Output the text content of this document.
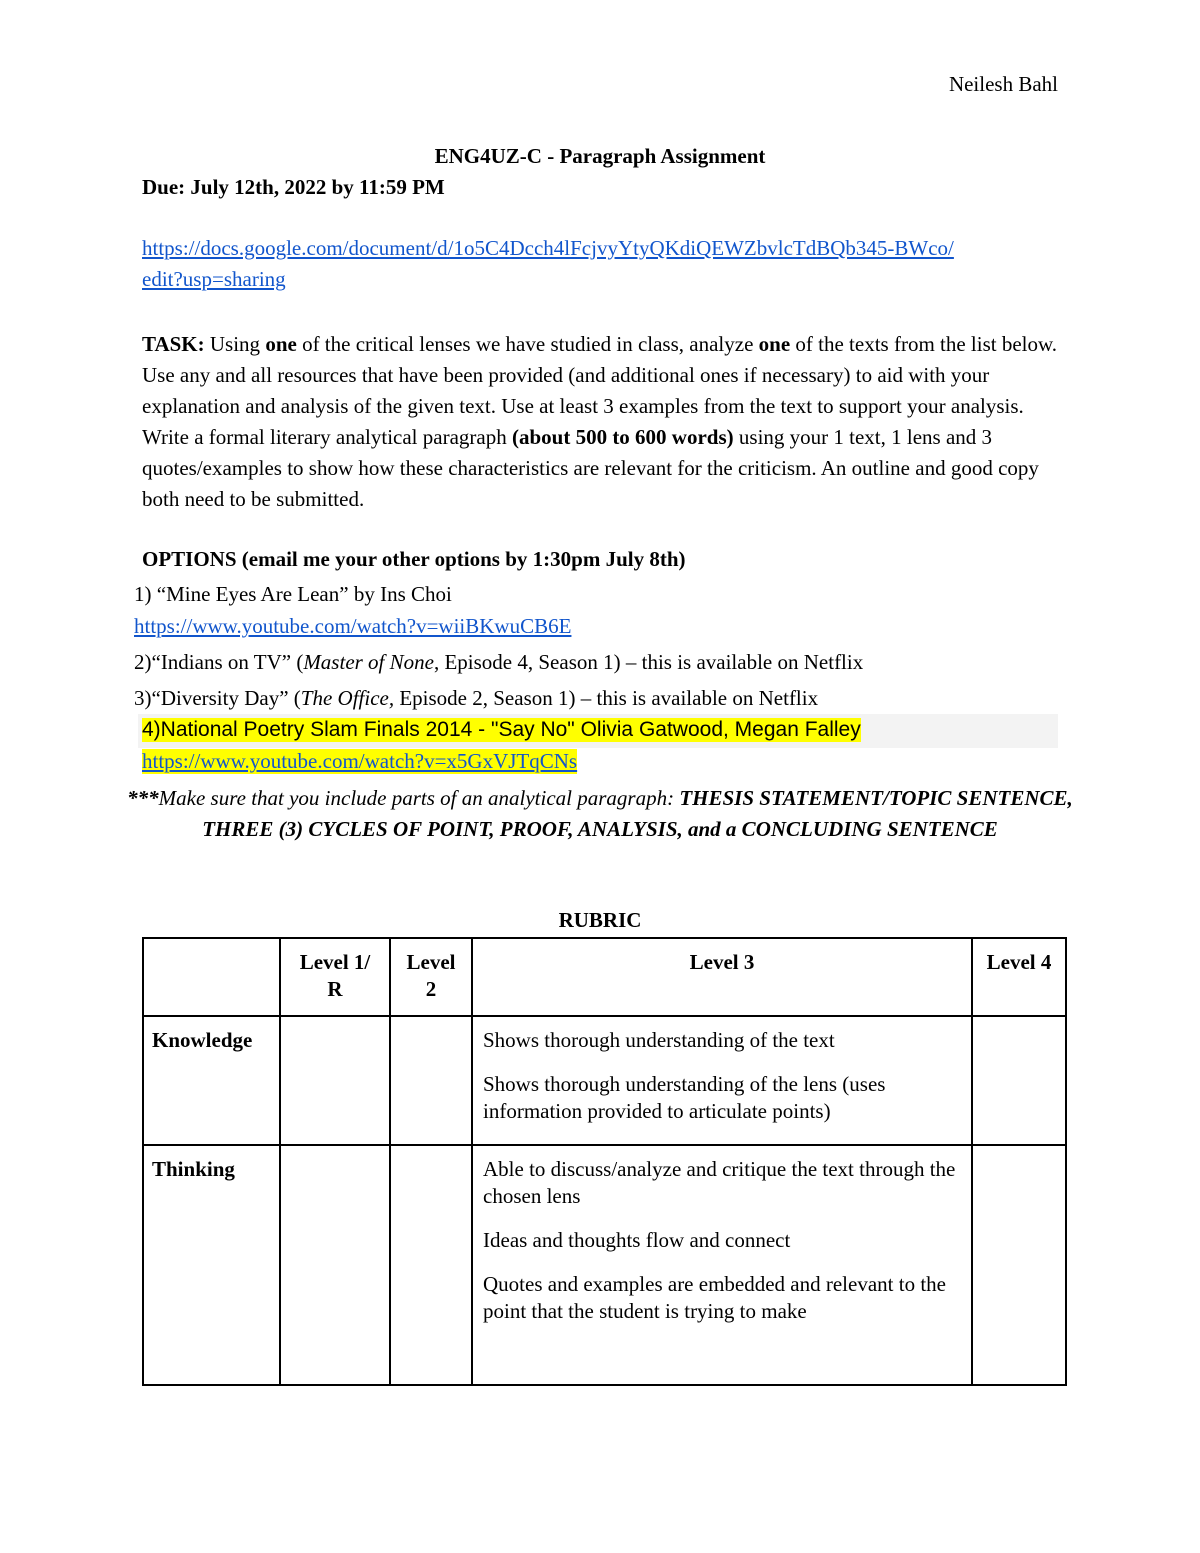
Neilesh Bahl
ENG4UZ-C - Paragraph Assignment
Due: July 12th, 2022 by 11:59 PM
https://docs.google.com/document/d/1o5C4Dcch4lFcjvyYtyQKdiQEWZbvlcTdBQb345-BWco/
edit?usp=sharing
TASK: Using one of the critical lenses we have studied in class, analyze one of the texts from the list below. Use any and all resources that have been provided (and additional ones if necessary) to aid with your explanation and analysis of the given text. Use at least 3 examples from the text to support your analysis. Write a formal literary analytical paragraph (about 500 to 600 words) using your 1 text, 1 lens and 3 quotes/examples to show how these characteristics are relevant for the criticism. An outline and good copy both need to be submitted.
OPTIONS (email me your other options by 1:30pm July 8th)
1) “Mine Eyes Are Lean” by Ins Choi
https://www.youtube.com/watch?v=wiiBKwuCB6E
2)“Indians on TV” (Master of None, Episode 4, Season 1) – this is available on Netflix
3)“Diversity Day” (The Office, Episode 2, Season 1) – this is available on Netflix
4)National Poetry Slam Finals 2014 - "Say No" Olivia Gatwood, Megan Falley
https://www.youtube.com/watch?v=x5GxVJTqCNs
***Make sure that you include parts of an analytical paragraph: THESIS STATEMENT/TOPIC SENTENCE, THREE (3) CYCLES OF POINT, PROOF, ANALYSIS, and a CONCLUDING SENTENCE
RUBRIC
	Level 1/ R	Level 2	Level 3	Level 4
Knowledge			Shows thorough understanding of the text

Shows thorough understanding of the lens (uses information provided to articulate points)	

Thinking			Able to discuss/analyze and critique the text through the chosen lens

Ideas and thoughts flow and connect

Quotes and examples are embedded and relevant to the point that the student is trying to make	
